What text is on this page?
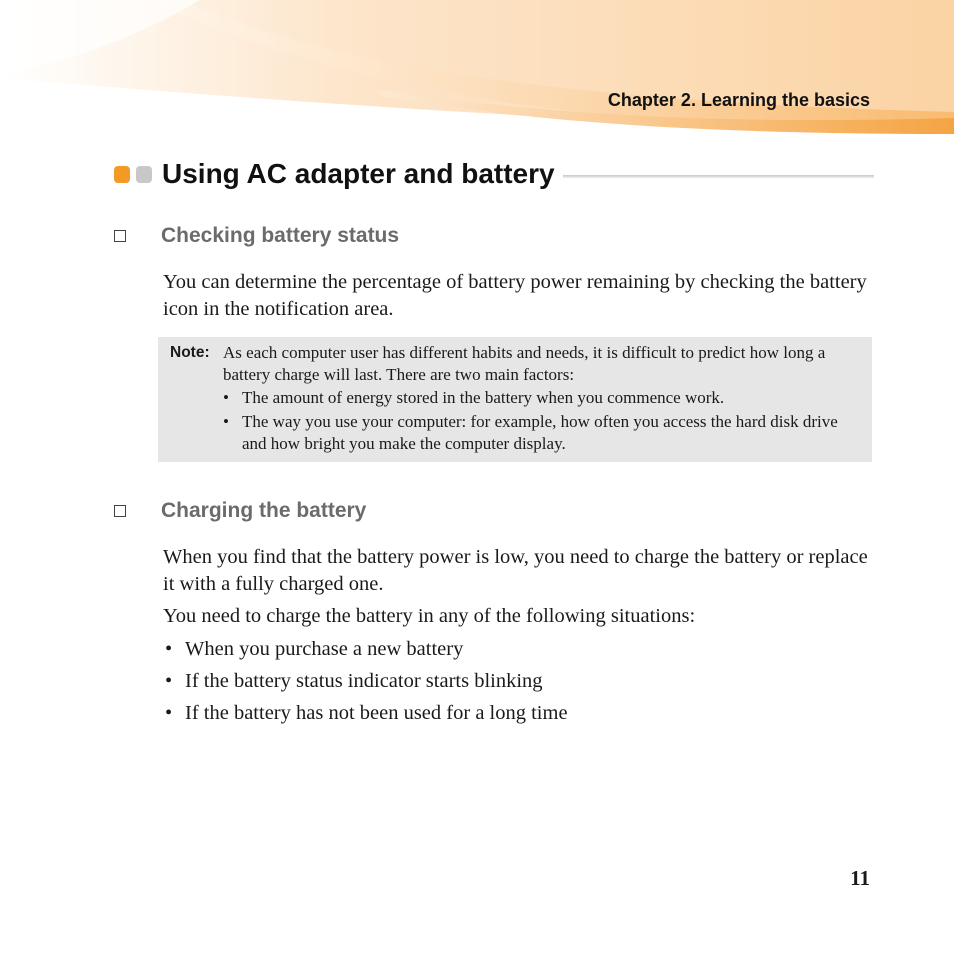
Chapter 2. Learning the basics
Using AC adapter and battery
Checking battery status

You can determine the percentage of battery power remaining by checking the battery icon in the notification area.

Note: As each computer user has different habits and needs, it is difficult to predict how long a battery charge will last. There are two main factors:

• The amount of energy stored in the battery when you commence work.
• The way you use your computer: for example, how often you access the hard disk drive and how bright you make the computer display.
Charging the battery

When you find that the battery power is low, you need to charge the battery or replace it with a fully charged one.

You need to charge the battery in any of the following situations:

• When you purchase a new battery
• If the battery status indicator starts blinking
• If the battery has not been used for a long time
11
